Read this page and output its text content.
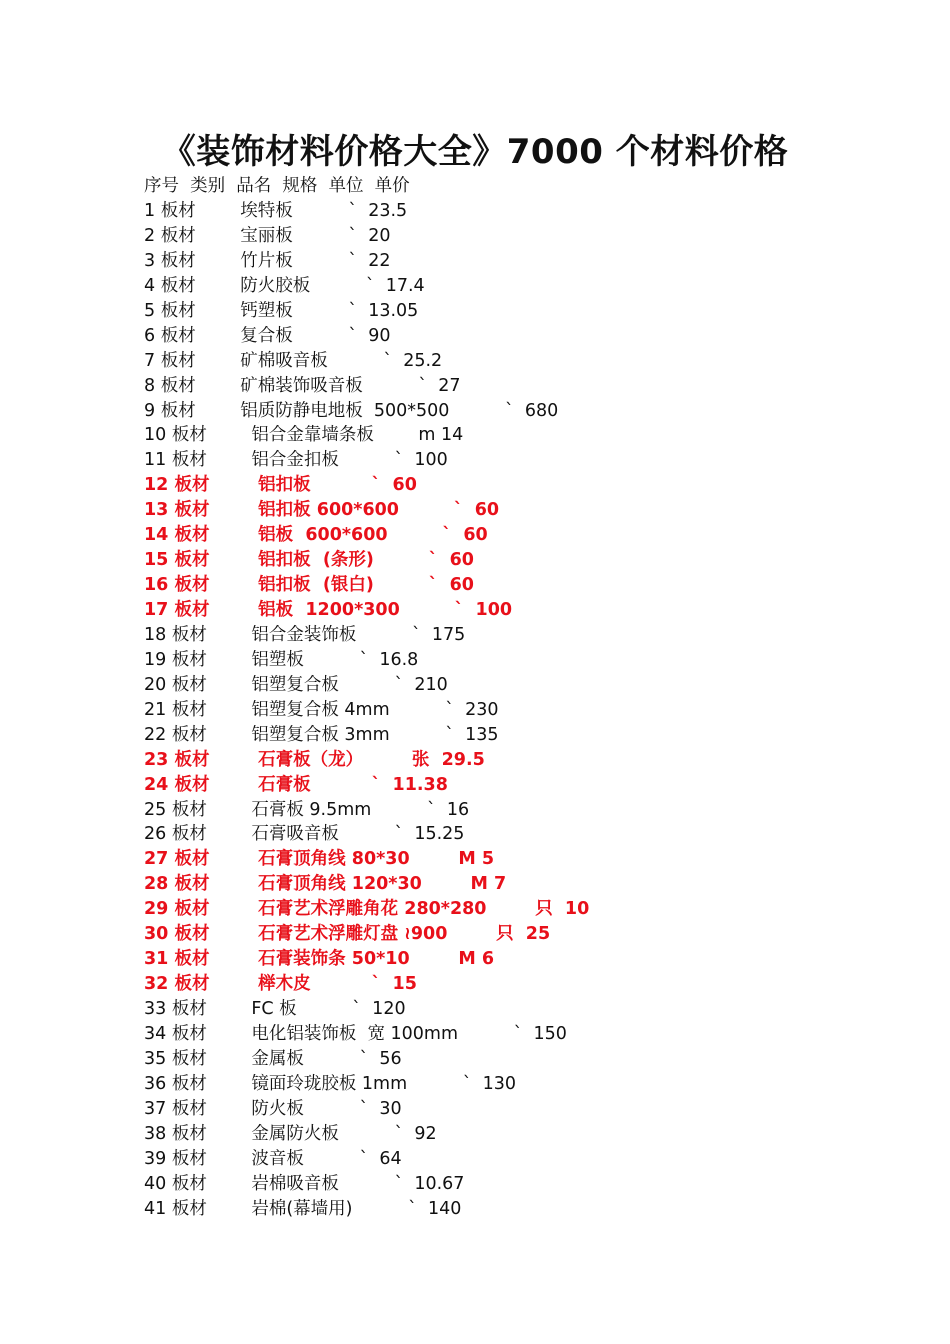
《装饰材料价格大全》7000 个材料价格
序号  类别  品名  规格  单位  单价
1 板材        埃特板          `  23.5
2 板材        宝丽板          `  20
3 板材        竹片板          `  22
4 板材        防火胶板          `  17.4
5 板材        钙塑板          `  13.05
6 板材        复合板          `  90
7 板材        矿棉吸音板          `  25.2
8 板材        矿棉装饰吸音板          `  27
9 板材        铝质防静电地板  500*500          `  680
10 板材        铝合金靠墙条板        m 14
11 板材        铝合金扣板          `  100
12 板材        铝扣板          `  60
13 板材        铝扣板 600*600         `  60
14 板材        铝板  600*600         `  60
15 板材        铝扣板  (条形)         `  60
16 板材        铝扣板  (银白)         `  60
17 板材        铝板  1200*300         `  100
18 板材        铝合金装饰板          `  175
19 板材        铝塑板          `  16.8
20 板材        铝塑复合板          `  210
21 板材        铝塑复合板 4mm          `  230
22 板材        铝塑复合板 3mm          `  135
23 板材        石膏板（龙）        张  29.5
24 板材        石膏板          `  11.38
25 板材        石膏板 9.5mm          `  16
26 板材        石膏吸音板          `  15.25
27 板材        石膏顶角线 80*30        M 5
28 板材        石膏顶角线 120*30        M 7
29 板材        石膏艺术浮雕角花 280*280        只  10
30 板材        石膏艺术浮雕灯盘 ≀900        只  25
31 板材        石膏装饰条 50*10        M 6
32 板材        榉木皮          `  15
33 板材        FC 板          `  120
34 板材        电化铝装饰板  宽 100mm          `  150
35 板材        金属板          `  56
36 板材        镜面玲珑胶板 1mm          `  130
37 板材        防火板          `  30
38 板材        金属防火板          `  92
39 板材        波音板          `  64
40 板材        岩棉吸音板          `  10.67
41 板材        岩棉(幕墙用)          `  140
